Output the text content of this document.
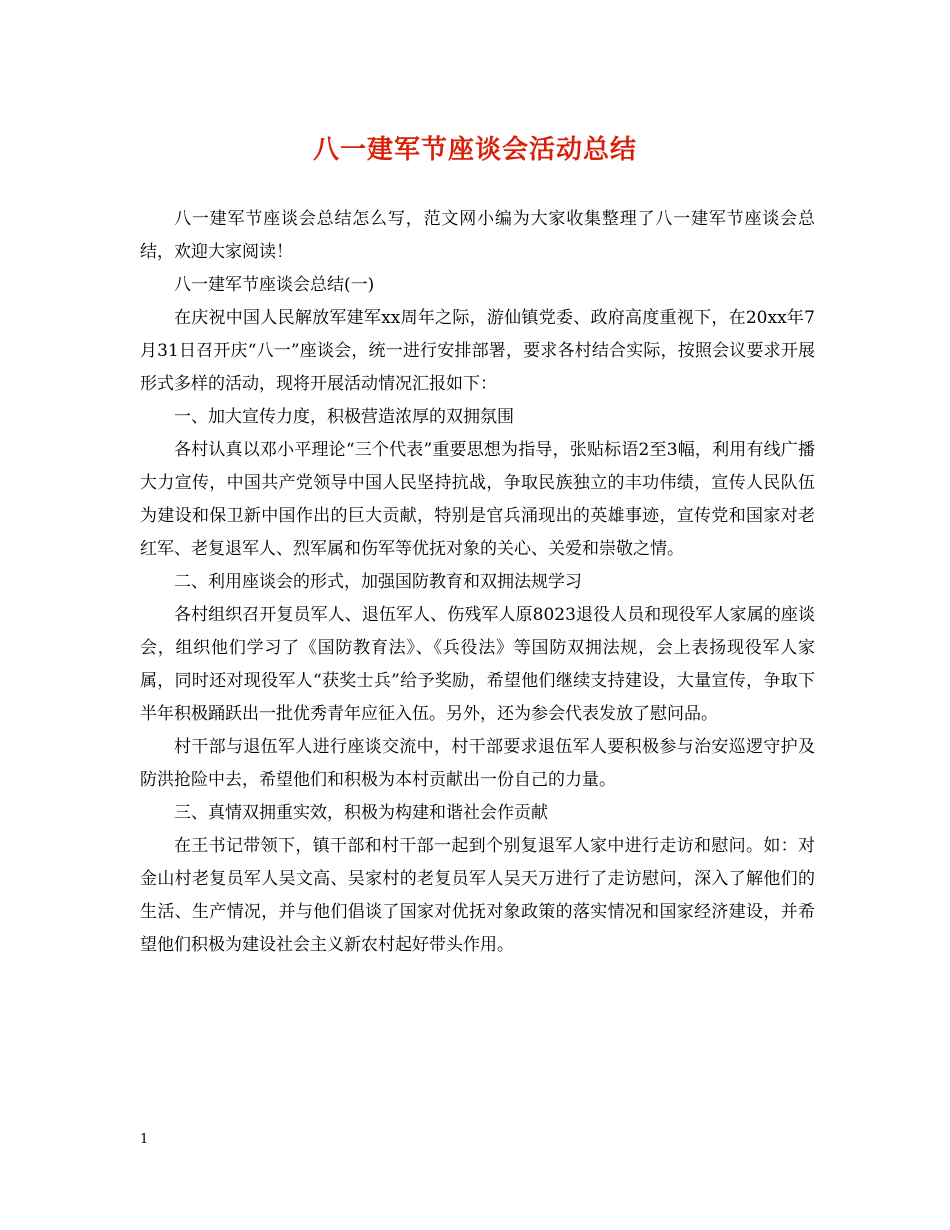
八一建军节座谈会活动总结

八一建军节座谈会总结怎么写，范文网小编为大家收集整理了八一建军节座谈会总结，欢迎大家阅读！

八一建军节座谈会总结(一)

在庆祝中国人民解放军建军xx周年之际，游仙镇党委、政府高度重视下，在20xx年7月31日召开庆“八一”座谈会，统一进行安排部署，要求各村结合实际，按照会议要求开展形式多样的活动，现将开展活动情况汇报如下：

一、加大宣传力度，积极营造浓厚的双拥氛围

各村认真以邓小平理论“三个代表”重要思想为指导，张贴标语2至3幅，利用有线广播大力宣传，中国共产党领导中国人民坚持抗战，争取民族独立的丰功伟绩，宣传人民队伍为建设和保卫新中国作出的巨大贡献，特别是官兵涌现出的英雄事迹，宣传党和国家对老红军、老复退军人、烈军属和伤军等优抚对象的关心、关爱和崇敬之情。

二、利用座谈会的形式，加强国防教育和双拥法规学习

各村组织召开复员军人、退伍军人、伤残军人原8023退役人员和现役军人家属的座谈会，组织他们学习了《国防教育法》、《兵役法》等国防双拥法规，会上表扬现役军人家属，同时还对现役军人“获奖士兵”给予奖励，希望他们继续支持建设，大量宣传，争取下半年积极踊跃出一批优秀青年应征入伍。另外，还为参会代表发放了慰问品。

村干部与退伍军人进行座谈交流中，村干部要求退伍军人要积极参与治安巡逻守护及防洪抢险中去，希望他们和积极为本村贡献出一份自己的力量。

三、真情双拥重实效，积极为构建和谐社会作贡献

在王书记带领下，镇干部和村干部一起到个别复退军人家中进行走访和慰问。如：对金山村老复员军人吴文高、吴家村的老复员军人吴天万进行了走访慰问，深入了解他们的生活、生产情况，并与他们倡谈了国家对优抚对象政策的落实情况和国家经济建设，并希望他们积极为建设社会主义新农村起好带头作用。

1
